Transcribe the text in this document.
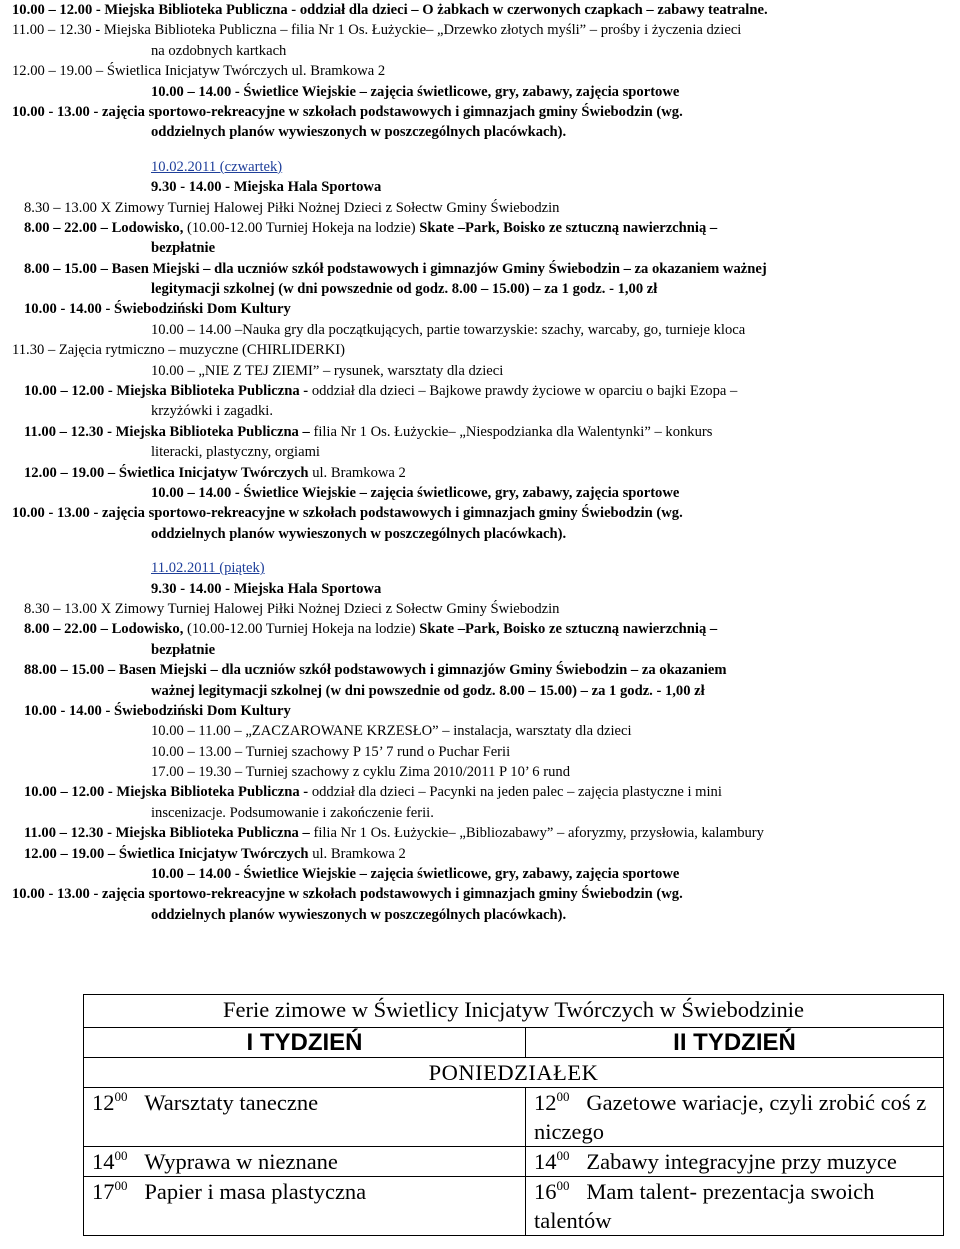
10.00 – 12.00 - Miejska Biblioteka Publiczna - oddział dla dzieci – O żabkach w czerwonych czapkach – zabawy teatralne.
11.00 – 12.30 - Miejska Biblioteka Publiczna – filia Nr 1 Os. Łużyckie– „Drzewko złotych myśli” – prośby i życzenia dzieci
na ozdobnych kartkach
12.00 – 19.00 – Świetlica Inicjatyw Twórczych ul. Bramkowa 2
10.00 – 14.00 - Świetlice Wiejskie – zajęcia świetlicowe, gry, zabawy, zajęcia sportowe
10.00 - 13.00 - zajęcia sportowo-rekreacyjne w szkołach podstawowych i gimnazjach gminy Świebodzin (wg.
oddzielnych planów wywieszonych w poszczególnych placówkach).
10.02.2011 (czwartek)
9.30 - 14.00 - Miejska Hala Sportowa
8.30 – 13.00 X Zimowy Turniej Halowej Piłki Nożnej Dzieci z Sołectw Gminy Świebodzin
8.00 – 22.00 – Lodowisko, (10.00-12.00 Turniej Hokeja na lodzie) Skate –Park, Boisko ze sztuczną nawierzchnią –
bezpłatnie
8.00 – 15.00 – Basen Miejski – dla uczniów szkół podstawowych i gimnazjów Gminy Świebodzin – za okazaniem ważnej
legitymacji szkolnej (w dni powszednie od godz. 8.00 – 15.00) – za 1 godz. - 1,00 zł
10.00 - 14.00 - Świebodziński Dom Kultury
10.00 – 14.00 –Nauka gry dla początkujących, partie towarzyskie: szachy, warcaby, go, turnieje kloca
11.30 – Zajęcia rytmiczno – muzyczne (CHIRLIDERKI)
10.00 – „NIE Z TEJ ZIEMI” – rysunek, warsztaty dla dzieci
10.00 – 12.00 - Miejska Biblioteka Publiczna - oddział dla dzieci – Bajkowe prawdy życiowe w oparciu o bajki Ezopa –
krzyżówki i zagadki.
11.00 – 12.30 - Miejska Biblioteka Publiczna – filia Nr 1 Os. Łużyckie– „Niespodzianka dla Walentynki” – konkurs
literacki, plastyczny, orgiami
12.00 – 19.00 – Świetlica Inicjatyw Twórczych ul. Bramkowa 2
10.00 – 14.00 - Świetlice Wiejskie – zajęcia świetlicowe, gry, zabawy, zajęcia sportowe
10.00 - 13.00 - zajęcia sportowo-rekreacyjne w szkołach podstawowych i gimnazjach gminy Świebodzin (wg.
oddzielnych planów wywieszonych w poszczególnych placówkach).
11.02.2011 (piątek)
9.30 - 14.00 - Miejska Hala Sportowa
8.30 – 13.00 X Zimowy Turniej Halowej Piłki Nożnej Dzieci z Sołectw Gminy Świebodzin
8.00 – 22.00 – Lodowisko, (10.00-12.00 Turniej Hokeja na lodzie) Skate –Park, Boisko ze sztuczną nawierzchnią –
bezpłatnie
88.00 – 15.00 – Basen Miejski – dla uczniów szkół podstawowych i gimnazjów Gminy Świebodzin – za okazaniem
ważnej legitymacji szkolnej (w dni powszednie od godz. 8.00 – 15.00) – za 1 godz. - 1,00 zł
10.00 - 14.00 - Świebodziński Dom Kultury
10.00 – 11.00 – „ZACZAROWANE KRZESŁO” – instalacja, warsztaty dla dzieci
10.00 – 13.00 – Turniej szachowy P 15’ 7 rund o Puchar Ferii
17.00 – 19.30 – Turniej szachowy z cyklu Zima 2010/2011 P 10’ 6 rund
10.00 – 12.00 - Miejska Biblioteka Publiczna - oddział dla dzieci – Pacynki na jeden palec – zajęcia plastyczne i mini
inscenizacje. Podsumowanie i zakończenie ferii.
11.00 – 12.30 - Miejska Biblioteka Publiczna – filia Nr 1 Os. Łużyckie– „Bibliozabawy” – aforyzmy, przysłowia, kalambury
12.00 – 19.00 – Świetlica Inicjatyw Twórczych ul. Bramkowa 2
10.00 – 14.00 - Świetlice Wiejskie – zajęcia świetlicowe, gry, zabawy, zajęcia sportowe
10.00 - 13.00 - zajęcia sportowo-rekreacyjne w szkołach podstawowych i gimnazjach gminy Świebodzin (wg.
oddzielnych planów wywieszonych w poszczególnych placówkach).
Ferie zimowe w Świetlicy Inicjatyw Twórczych w Świebodzinie	
I TYDZIEŃ	II TYDZIEŃ
PONIEDZIAŁEK	
$12^{00}$ Warsztaty taneczne	$12^{00}$ Gazetowe wariacje, czyli zrobić coś z niczego
$14^{00}$ Wyprawa w nieznane	$14^{00}$ Zabawy integracyjne przy muzyce
$17^{00}$ Papier i masa plastyczna	$16^{00}$ Mam talent- prezentacja swoich talentów
